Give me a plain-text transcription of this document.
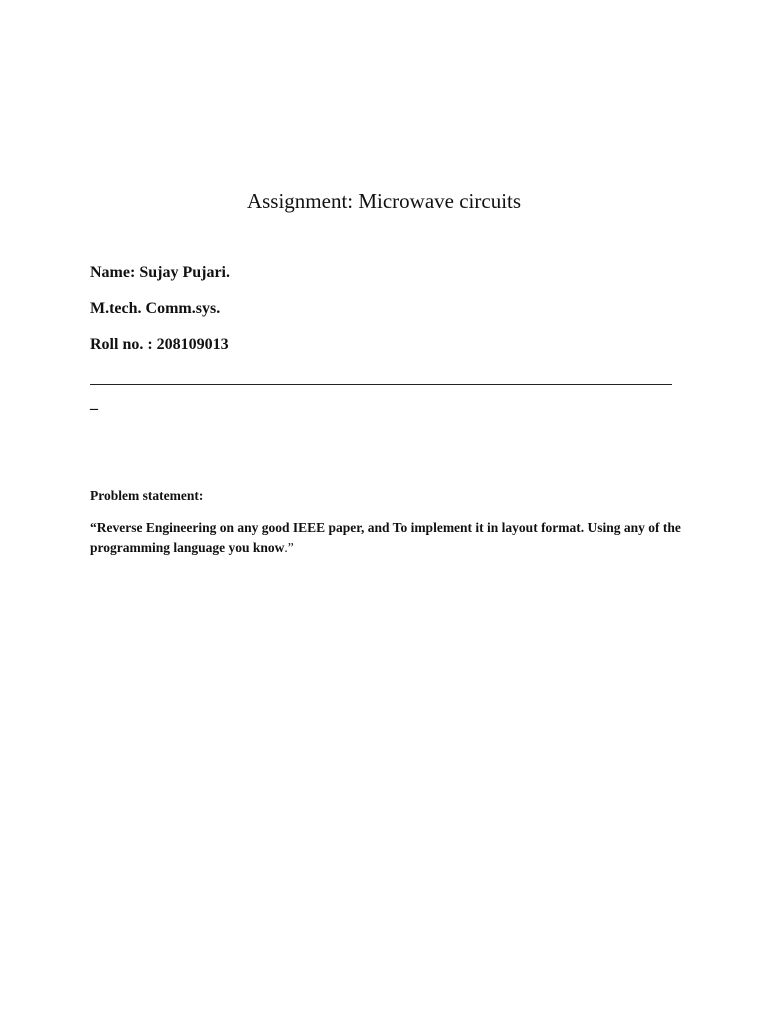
Assignment: Microwave circuits

Name: Sujay Pujari.

M.tech. Comm.sys.

Roll no. : 208109013

_

Problem statement:

“Reverse Engineering on any good IEEE paper, and To implement it in layout format. Using any of the programming language you know.”
